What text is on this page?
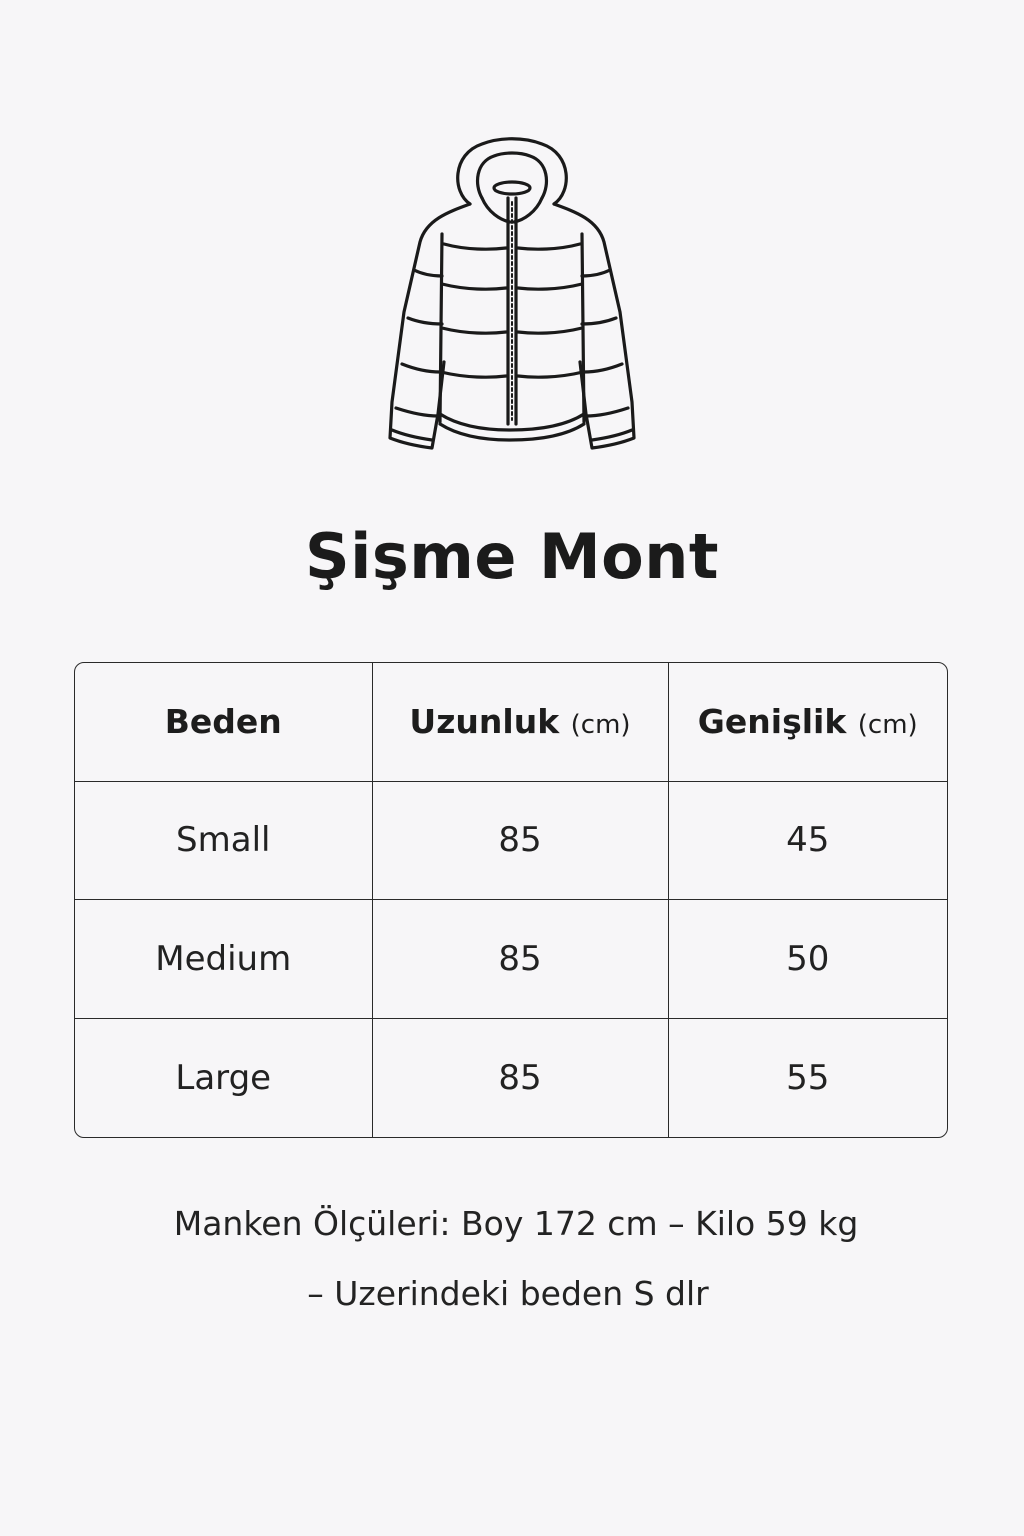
Şişme Mont
Beden	Uzunluk (cm)	Genişlik (cm)
Small	85	45
Medium	85	50
Large	85	55
Manken Ölçüleri: Boy 172 cm – Kilo 59 kg
– Uzerindeki beden S dlr
